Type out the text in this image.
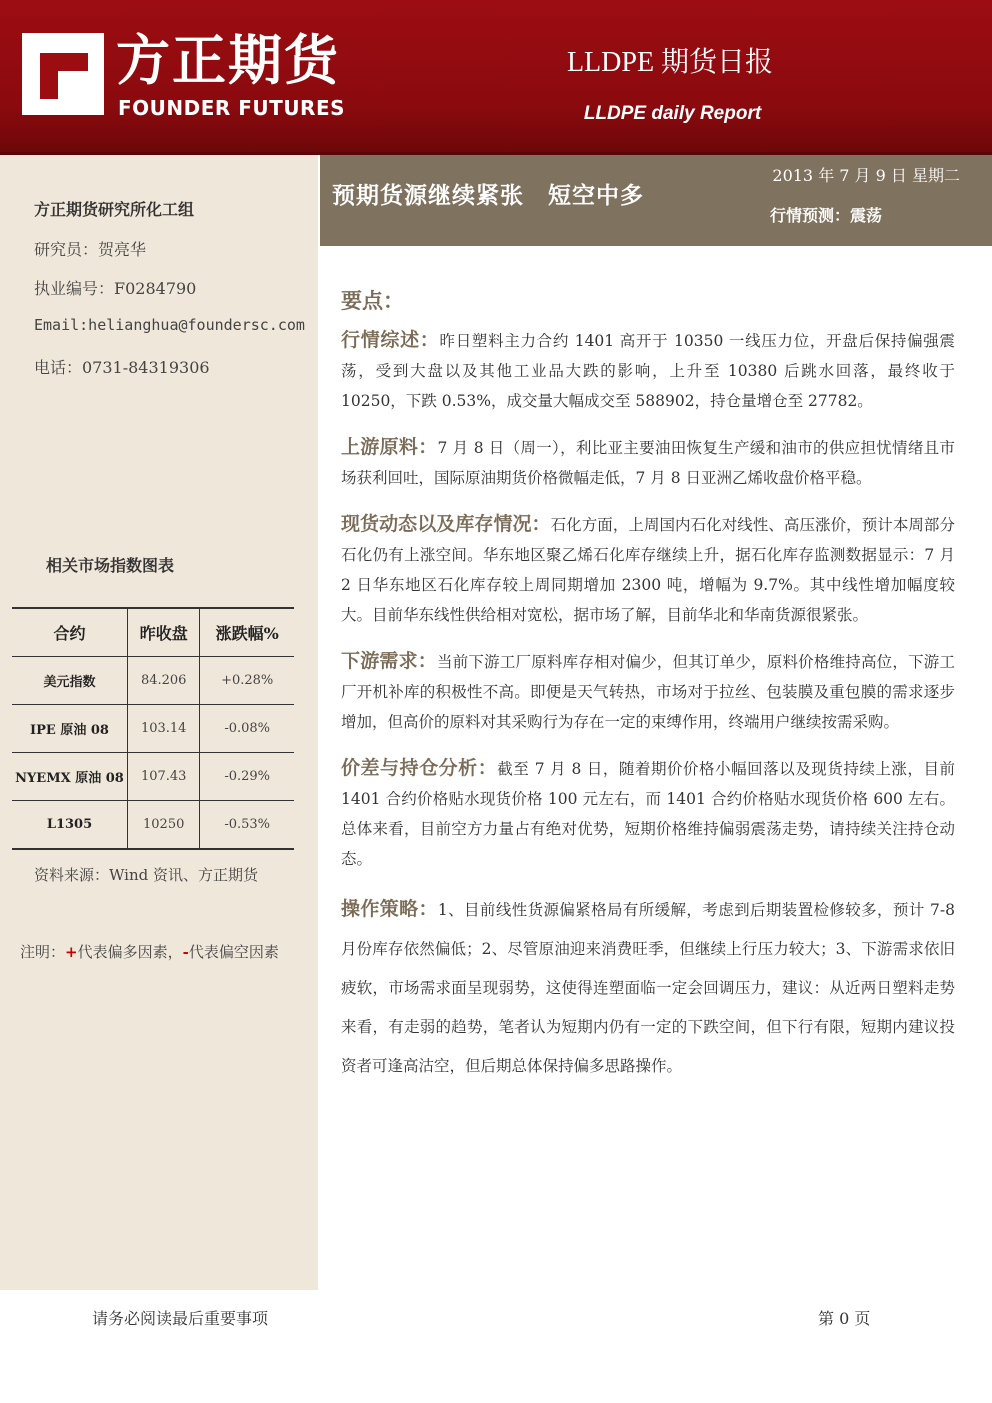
方正期货
FOUNDER FUTURES
LLDPE 期货日报
LLDPE daily Report
方正期货研究所化工组
研究员：贺亮华
执业编号：F0284790
Email:helianghua@foundersc.com
电话：0731-84319306
相关市场指数图表
合约	昨收盘	涨跌幅%
美元指数	84.206	+0.28%
IPE 原油 08	103.14	-0.08%
NYEMX 原油 08	107.43	-0.29%
L1305	10250	-0.53%
资料来源：Wind 资讯、方正期货
注明：+代表偏多因素，-代表偏空因素
预期货源继续紧张　短空中多
2013 年 7 月 9 日 星期二
行情预测：震荡
要点：

行情综述：昨日塑料主力合约 1401 高开于 10350 一线压力位，开盘后保持偏强震荡，受到大盘以及其他工业品大跌的影响，上升至 10380 后跳水回落，最终收于 10250，下跌 0.53%，成交量大幅成交至 588902，持仓量增仓至 27782。

上游原料：7 月 8 日（周一），利比亚主要油田恢复生产缓和油市的供应担忧情绪且市场获利回吐，国际原油期货价格微幅走低，7 月 8 日亚洲乙烯收盘价格平稳。

现货动态以及库存情况：石化方面，上周国内石化对线性、高压涨价，预计本周部分石化仍有上涨空间。华东地区聚乙烯石化库存继续上升，据石化库存监测数据显示：7 月 2 日华东地区石化库存较上周同期增加 2300 吨，增幅为 9.7%。其中线性增加幅度较大。目前华东线性供给相对宽松，据市场了解，目前华北和华南货源很紧张。

下游需求：当前下游工厂原料库存相对偏少，但其订单少，原料价格维持高位，下游工厂开机补库的积极性不高。即便是天气转热，市场对于拉丝、包装膜及重包膜的需求逐步增加，但高价的原料对其采购行为存在一定的束缚作用，终端用户继续按需采购。

价差与持仓分析：截至 7 月 8 日，随着期价价格小幅回落以及现货持续上涨，目前 1401 合约价格贴水现货价格 100 元左右，而 1401 合约价格贴水现货价格 600 左右。总体来看，目前空方力量占有绝对优势，短期价格维持偏弱震荡走势，请持续关注持仓动态。

操作策略：1、目前线性货源偏紧格局有所缓解，考虑到后期装置检修较多，预计 7-8 月份库存依然偏低；2、尽管原油迎来消费旺季，但继续上行压力较大；3、下游需求依旧疲软，市场需求面呈现弱势，这使得连塑面临一定会回调压力，建议：从近两日塑料走势来看，有走弱的趋势，笔者认为短期内仍有一定的下跌空间，但下行有限，短期内建议投资者可逢高沽空，但后期总体保持偏多思路操作。

请务必阅读最后重要事项	第 0 页
